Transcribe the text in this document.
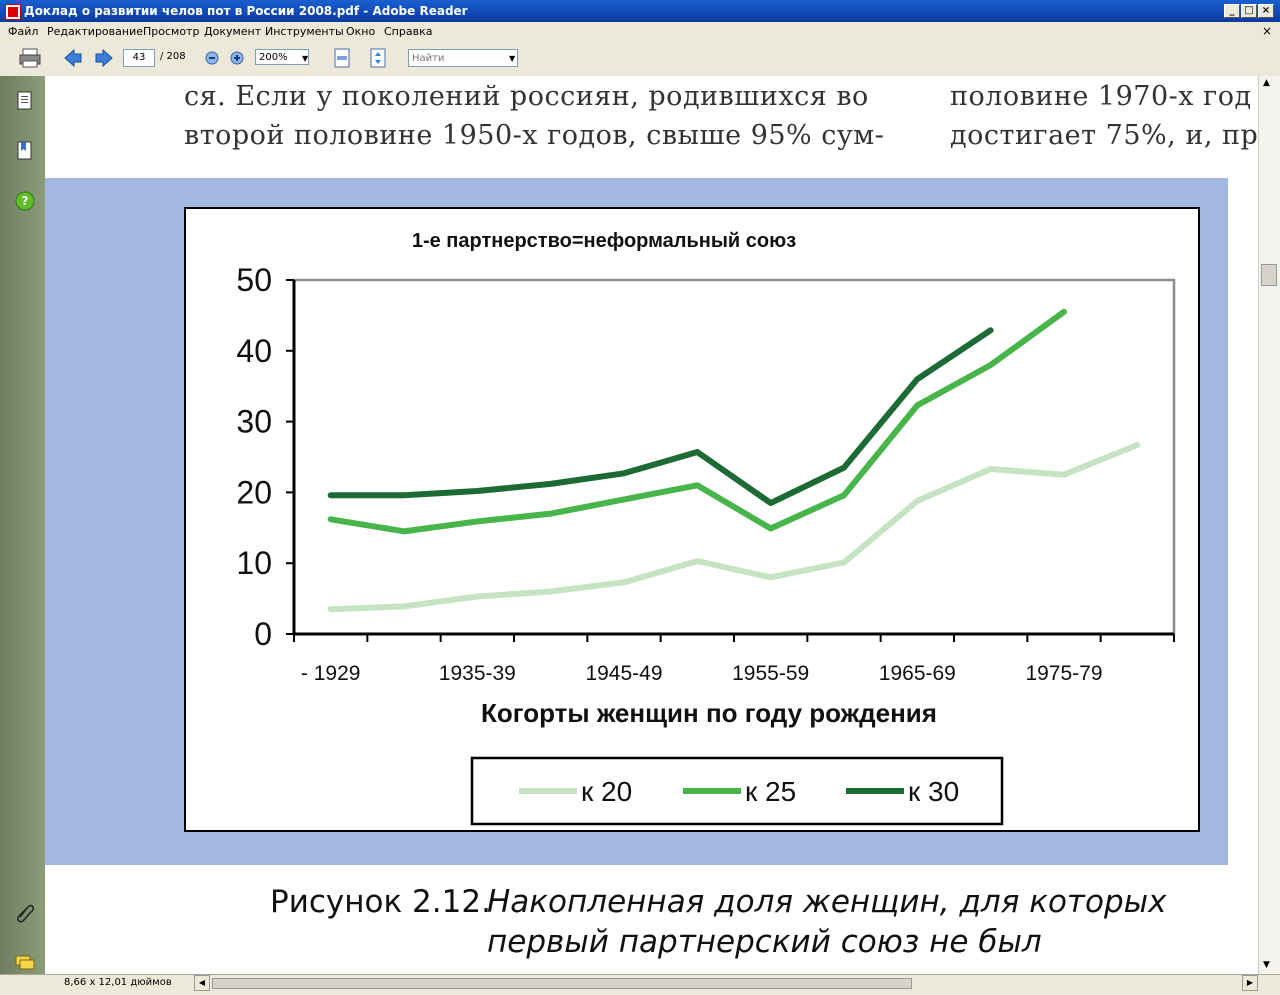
Доклад о развитии челов пот в России 2008.pdf - Adobe Reader	_ □ ×
Файл Редактирование Просмотр Документ Инструменты Окно Справка	×
43	/ 208	200%	▼	Найти	▼
?
ся. Если у поколений россиян, родившихся во
второй половине 1950-х годов, свыше 95% сум-
половине 1970-х год
достигает 75%, и, пр
1-е партнерство=неформальный союз
Когорты женщин по году рождения
0
10
20
30
40
50
- 1929	1935-39	1945-49	1955-59	1965-69	1975-79
к 20	к 25	к 30
Рисунок 2.12.
Накопленная доля женщин, для которых
первый партнерский союз не был
▲
▼
8,66 x 12,01 дюймов	◀	▶
